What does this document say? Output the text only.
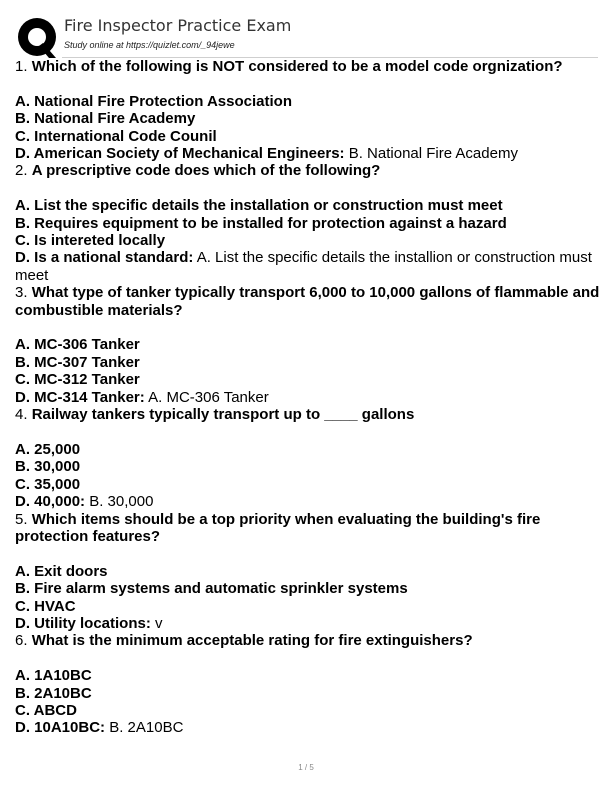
Fire Inspector Practice Exam
Study online at https://quizlet.com/_94jewe

1. Which of the following is NOT considered to be a model code orgnization?

A. National Fire Protection Association

B. National Fire Academy

C. International Code Counil

D. American Society of Mechanical Engineers: B. National Fire Academy

2. A prescriptive code does which of the following?

A. List the specific details the installation or construction must meet

B. Requires equipment to be installed for protection against a hazard

C. Is intereted locally

D. Is a national standard: A. List the specific details the installion or construction must meet

3. What type of tanker typically transport 6,000 to 10,000 gallons of flammable and combustible materials?

A. MC-306 Tanker

B. MC-307 Tanker

C. MC-312 Tanker

D. MC-314 Tanker: A. MC-306 Tanker

4. Railway tankers typically transport up to ____ gallons

A. 25,000

B. 30,000

C. 35,000

D. 40,000: B. 30,000

5. Which items should be a top priority when evaluating the building's fire protection features?

A. Exit doors

B. Fire alarm systems and automatic sprinkler systems

C. HVAC

D. Utility locations: v

6. What is the minimum acceptable rating for fire extinguishers?

A. 1A10BC

B. 2A10BC

C. ABCD

D. 10A10BC: B. 2A10BC

1 / 5
